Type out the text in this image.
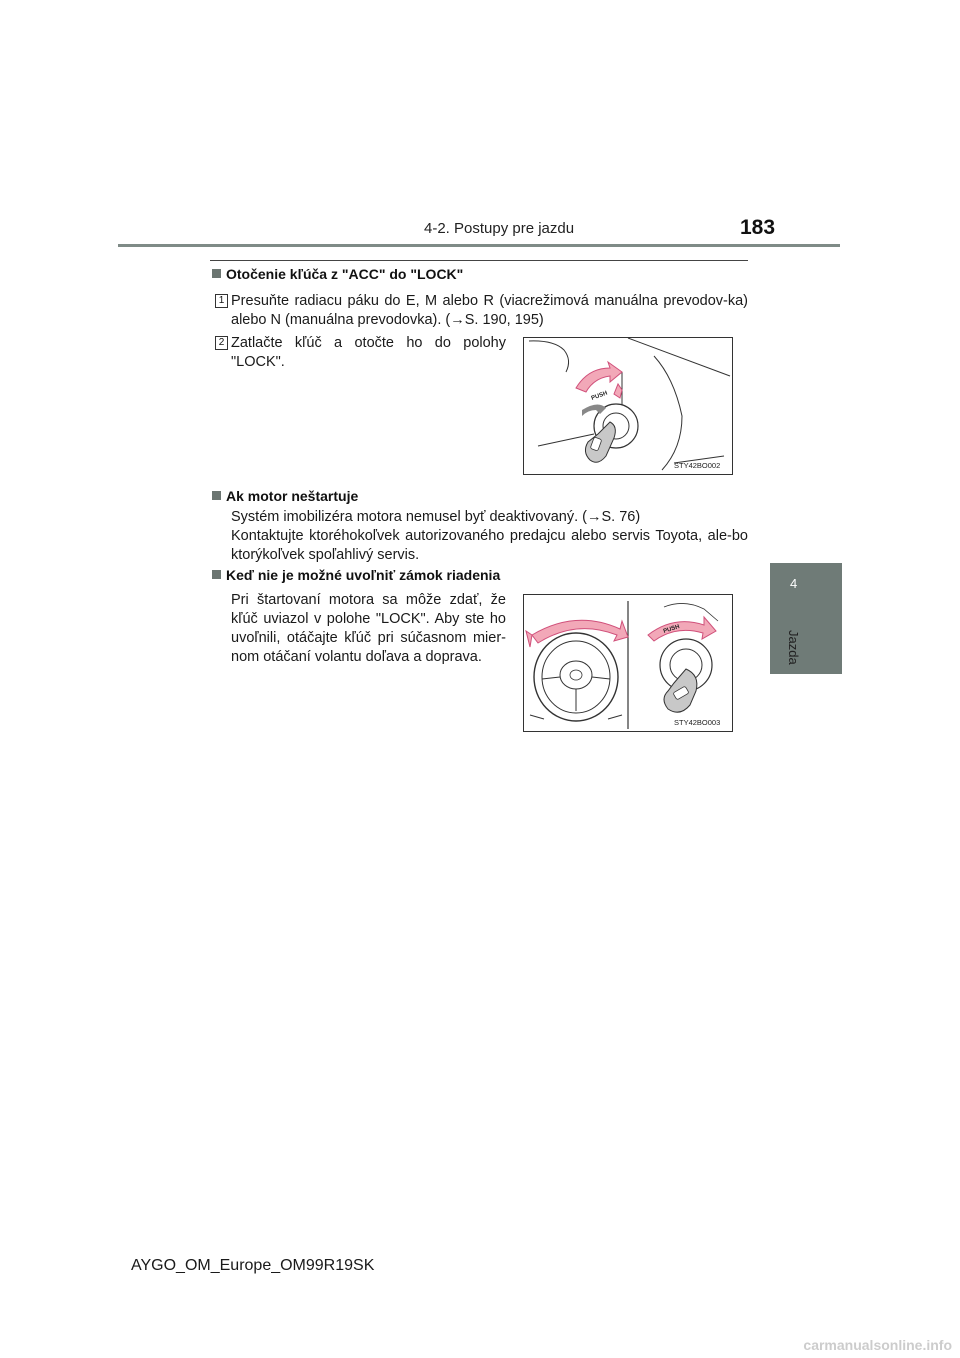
4-2. Postupy pre jazdu	183
4
Jazda
Otočenie kľúča z "ACC" do "LOCK"
1 Presuňte radiacu páku do E, M alebo R (viacrežimová manuálna prevodov-ka) alebo N (manuálna prevodovka). (→S. 190, 195)
2 Zatlačte kľúč a otočte ho do polohy "LOCK".
PUSH
STY42BO002
Ak motor neštartuje
Systém imobilizéra motora nemusel byť deaktivovaný. (→S. 76)
Kontaktujte ktoréhokoľvek autorizovaného predajcu alebo servis Toyota, ale-bo ktorýkoľvek spoľahlivý servis.
Keď nie je možné uvoľniť zámok riadenia
Pri štartovaní motora sa môže zdať, že kľúč uviazol v polohe "LOCK". Aby ste ho uvoľnili, otáčajte kľúč pri súčasnom mier-nom otáčaní volantu doľava a doprava.
PUSH
STY42BO003
AYGO_OM_Europe_OM99R19SK
carmanualsonline.info
